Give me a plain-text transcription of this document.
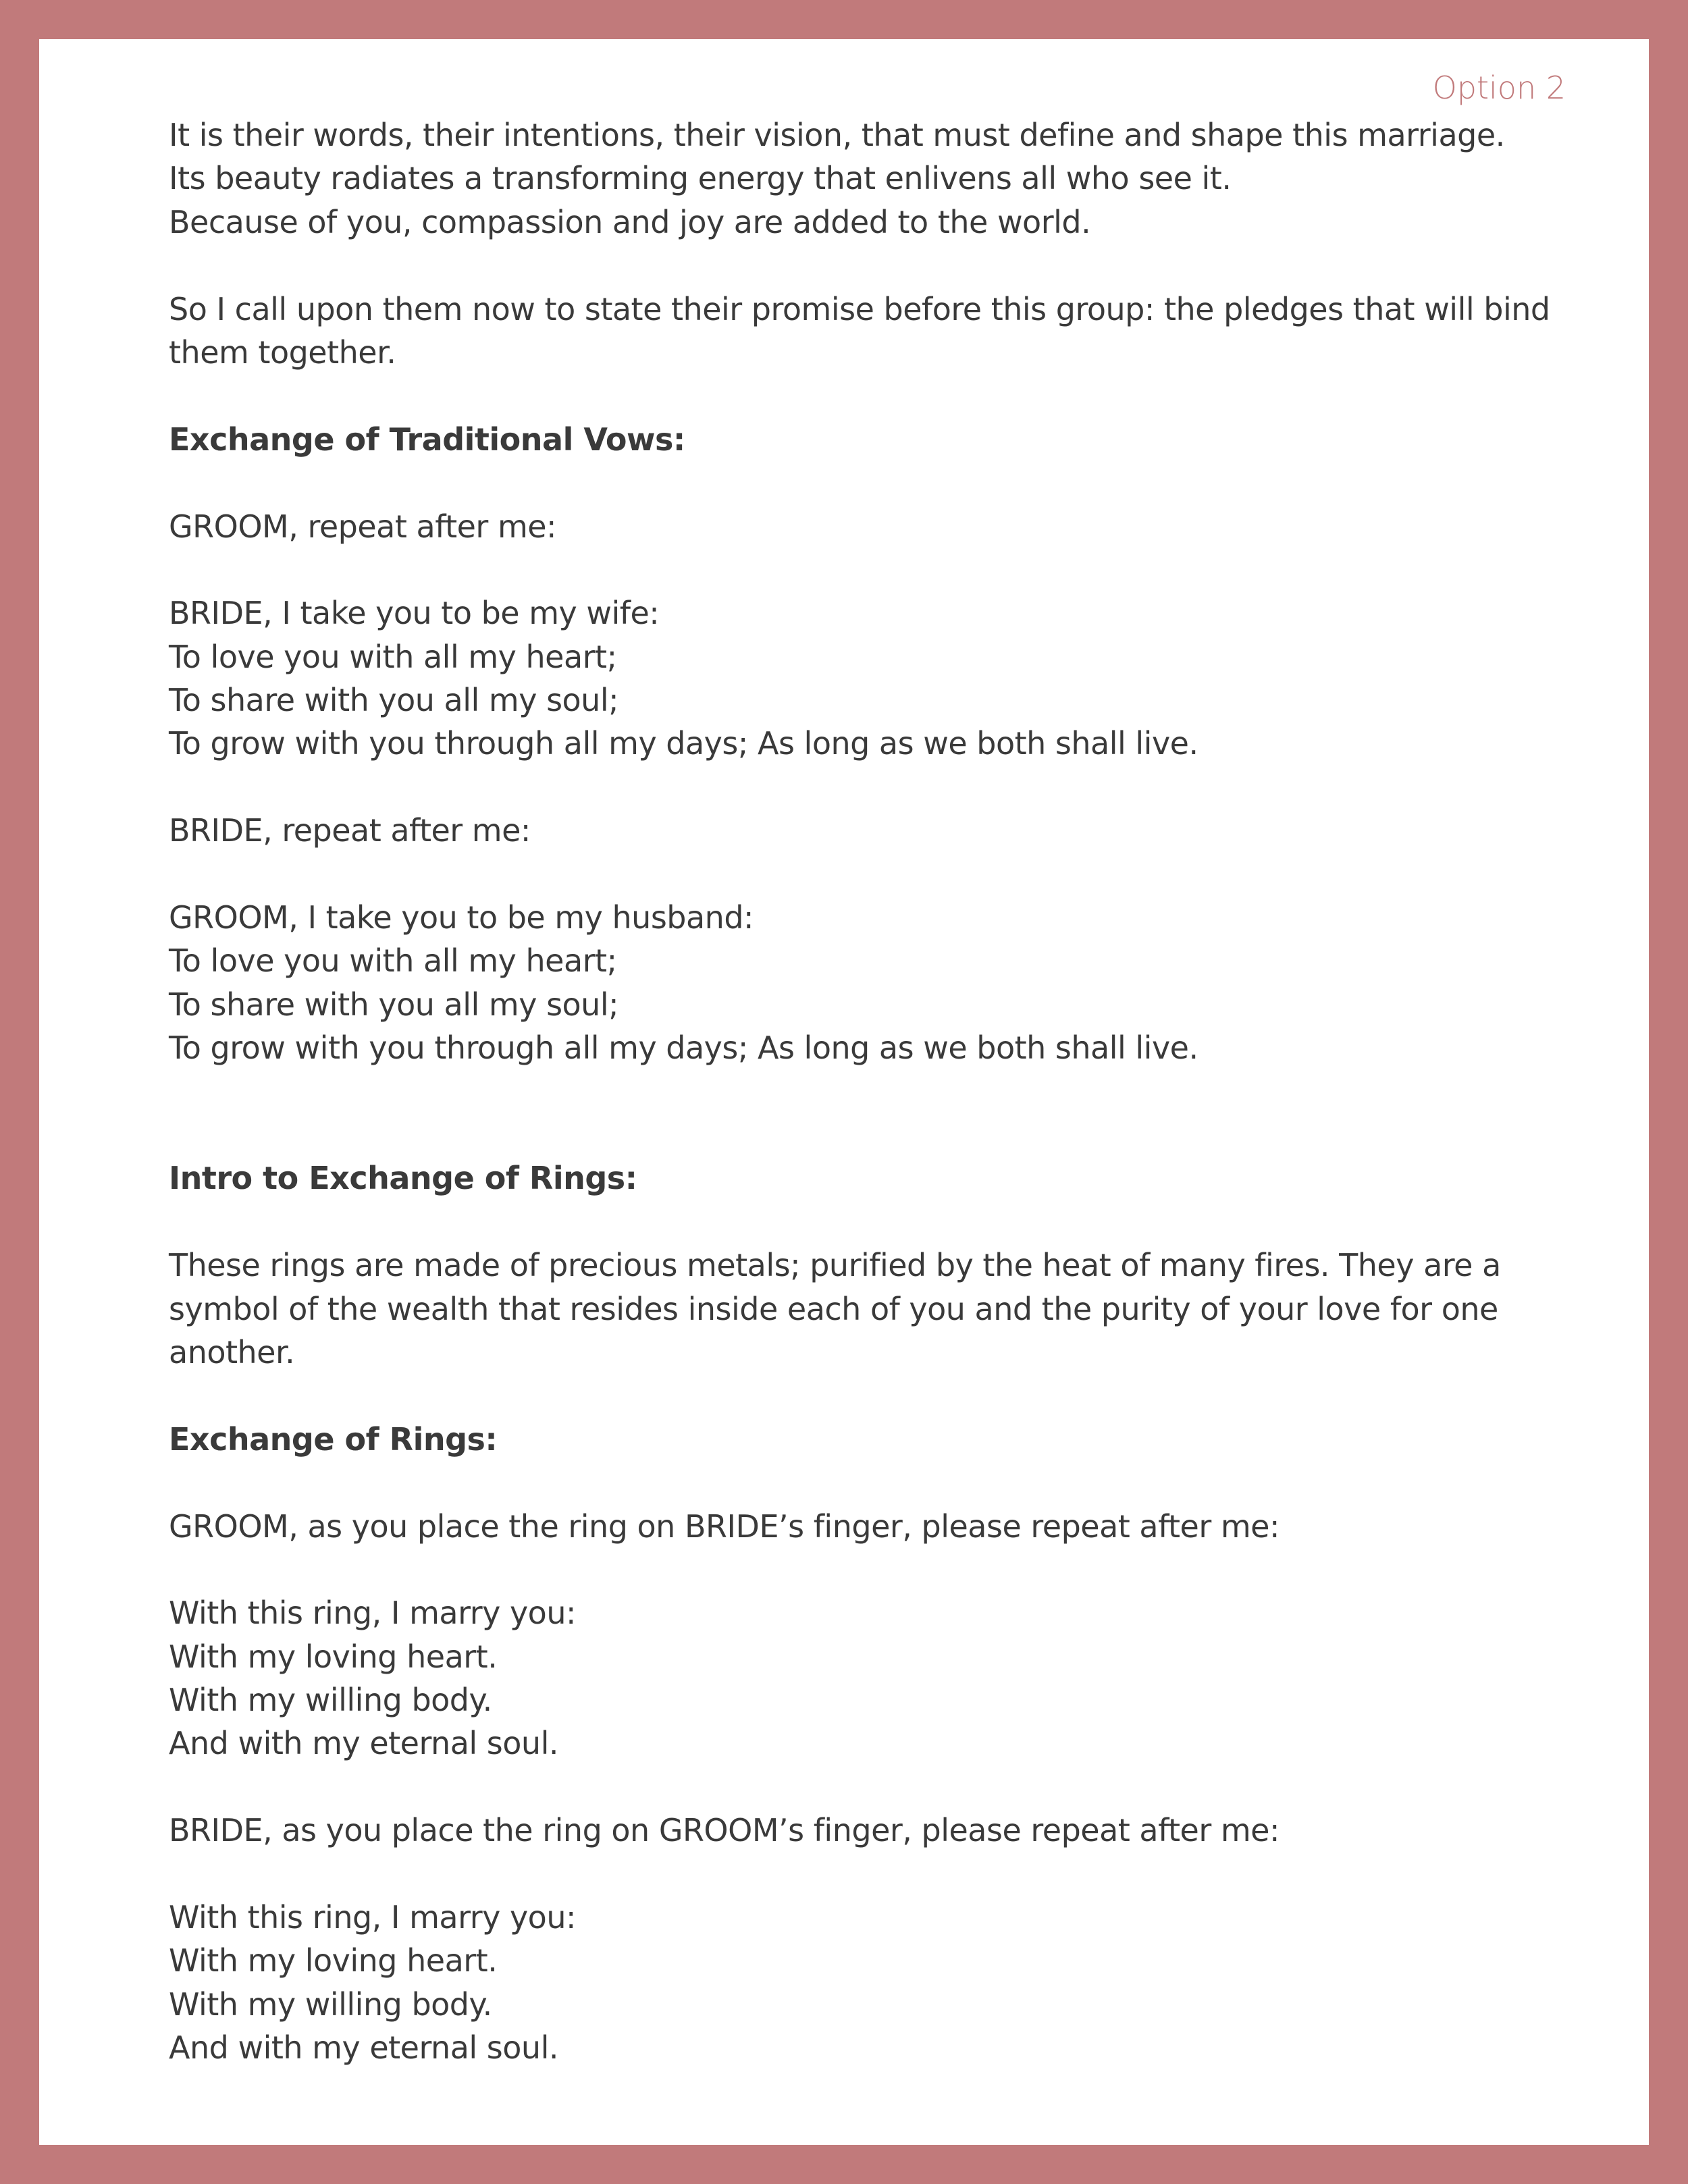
Option 2
It is their words, their intentions, their vision, that must define and shape this marriage.
Its beauty radiates a transforming energy that enlivens all who see it.
Because of you, compassion and joy are added to the world.
So I call upon them now to state their promise before this group: the pledges that will bind
them together.
Exchange of Traditional Vows:
GROOM, repeat after me:
BRIDE, I take you to be my wife:
To love you with all my heart;
To share with you all my soul;
To grow with you through all my days; As long as we both shall live.
BRIDE, repeat after me:
GROOM, I take you to be my husband:
To love you with all my heart;
To share with you all my soul;
To grow with you through all my days; As long as we both shall live.
Intro to Exchange of Rings:
These rings are made of precious metals; purified by the heat of many fires. They are a
symbol of the wealth that resides inside each of you and the purity of your love for one
another.
Exchange of Rings:
GROOM, as you place the ring on BRIDE’s finger, please repeat after me:
With this ring, I marry you:
With my loving heart.
With my willing body.
And with my eternal soul.
BRIDE, as you place the ring on GROOM’s finger, please repeat after me:
With this ring, I marry you:
With my loving heart.
With my willing body.
And with my eternal soul.
